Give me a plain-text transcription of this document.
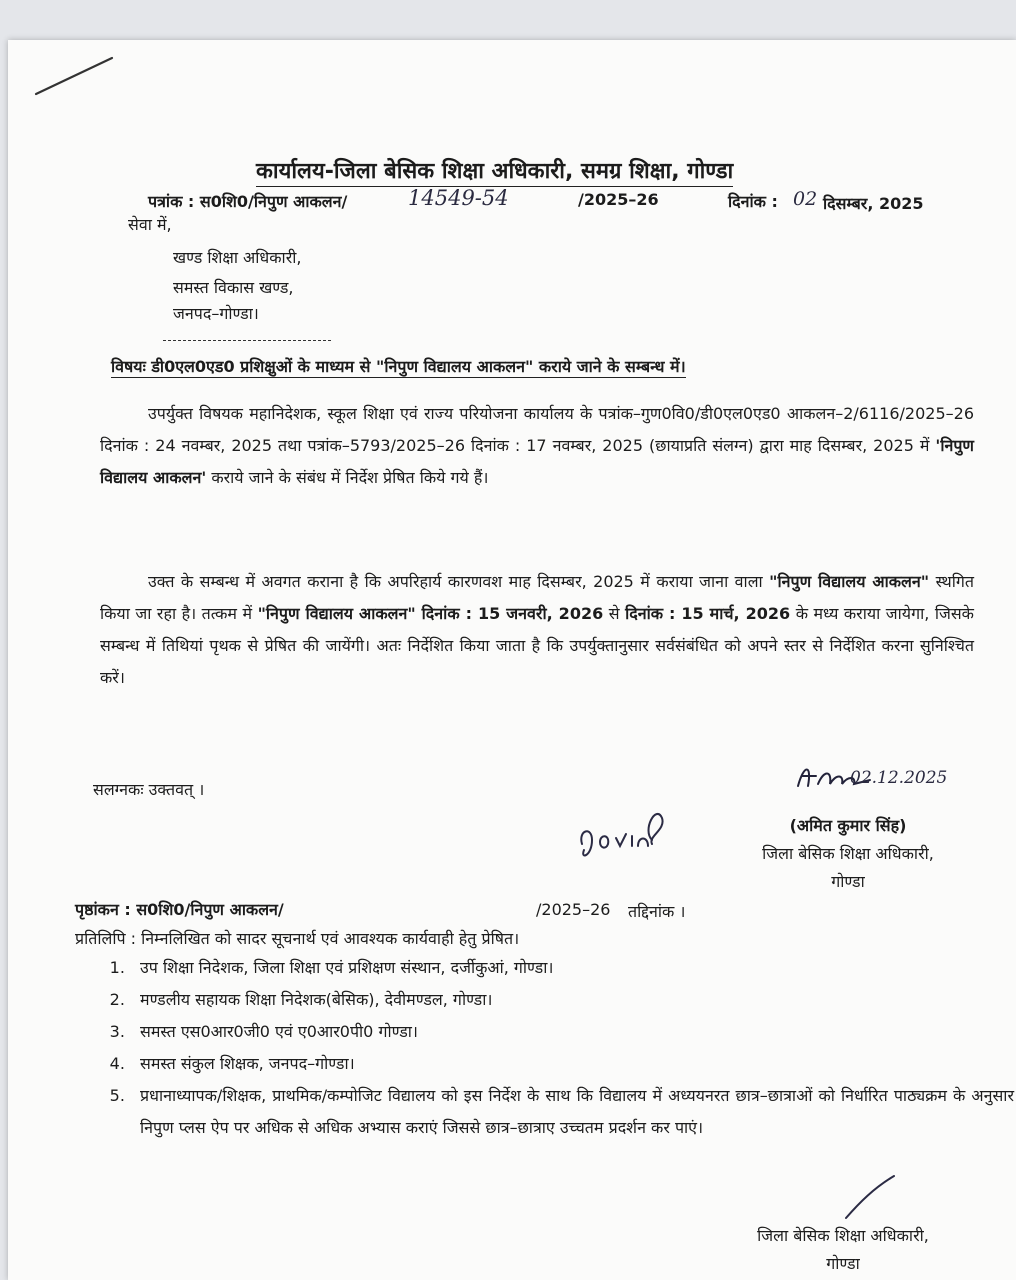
कार्यालय-जिला बेसिक शिक्षा अधिकारी, समग्र शिक्षा, गोण्डा
पत्रांक : स0शि0/निपुण आकलन/	14549-54	/2025–26	दिनांक : 02 दिसम्बर, 2025
सेवा में,
खण्ड शिक्षा अधिकारी,
समस्त विकास खण्ड,
जनपद–गोण्डा।
विषयः डी0एल0एड0 प्रशिक्षुओं के माध्यम से "निपुण विद्यालय आकलन" कराये जाने के सम्बन्ध में।
उपर्युक्त विषयक महानिदेशक, स्कूल शिक्षा एवं राज्य परियोजना कार्यालय के पत्रांक–गुण0वि0/डी0एल0एड0 आकलन–2/6116/2025–26 दिनांक : 24 नवम्बर, 2025 तथा पत्रांक–5793/2025–26 दिनांक : 17 नवम्बर, 2025 (छायाप्रति संलग्न) द्वारा माह दिसम्बर, 2025 में 'निपुण विद्यालय आकलन' कराये जाने के संबंध में निर्देश प्रेषित किये गये हैं।
उक्त के सम्बन्ध में अवगत कराना है कि अपरिहार्य कारणवश माह दिसम्बर, 2025 में कराया जाना वाला "निपुण विद्यालय आकलन" स्थगित किया जा रहा है। तत्कम में "निपुण विद्यालय आकलन" दिनांक : 15 जनवरी, 2026 से दिनांक : 15 मार्च, 2026 के मध्य कराया जायेगा, जिसके सम्बन्ध में तिथियां पृथक से प्रेषित की जायेंगी। अतः निर्देशित किया जाता है कि उपर्युक्तानुसार सर्वसंबंधित को अपने स्तर से निर्देशित करना सुनिश्चित करें।
सलग्नकः उक्तवत् ।
02.12.2025
(अमित कुमार सिंह)
जिला बेसिक शिक्षा अधिकारी,
गोण्डा
पृष्ठांकन : स0शि0/निपुण आकलन/	/2025–26 तद्दिनांक ।
प्रतिलिपि : निम्नलिखित को सादर सूचनार्थ एवं आवश्यक कार्यवाही हेतु प्रेषित।
1. उप शिक्षा निदेशक, जिला शिक्षा एवं प्रशिक्षण संस्थान, दर्जीकुआं, गोण्डा।
2. मण्डलीय सहायक शिक्षा निदेशक(बेसिक), देवीमण्डल, गोण्डा।
3. समस्त एस0आर0जी0 एवं ए0आर0पी0 गोण्डा।
4. समस्त संकुल शिक्षक, जनपद–गोण्डा।
5. प्रधानाध्यापक/शिक्षक, प्राथमिक/कम्पोजिट विद्यालय को इस निर्देश के साथ कि विद्यालय में अध्ययनरत छात्र–छात्राओं को निर्धारित पाठ्यक्रम के अनुसार निपुण प्लस ऐप पर अधिक से अधिक अभ्यास कराएं जिससे छात्र–छात्राए उच्चतम प्रदर्शन कर पाएं।
जिला बेसिक शिक्षा अधिकारी,
गोण्डा
